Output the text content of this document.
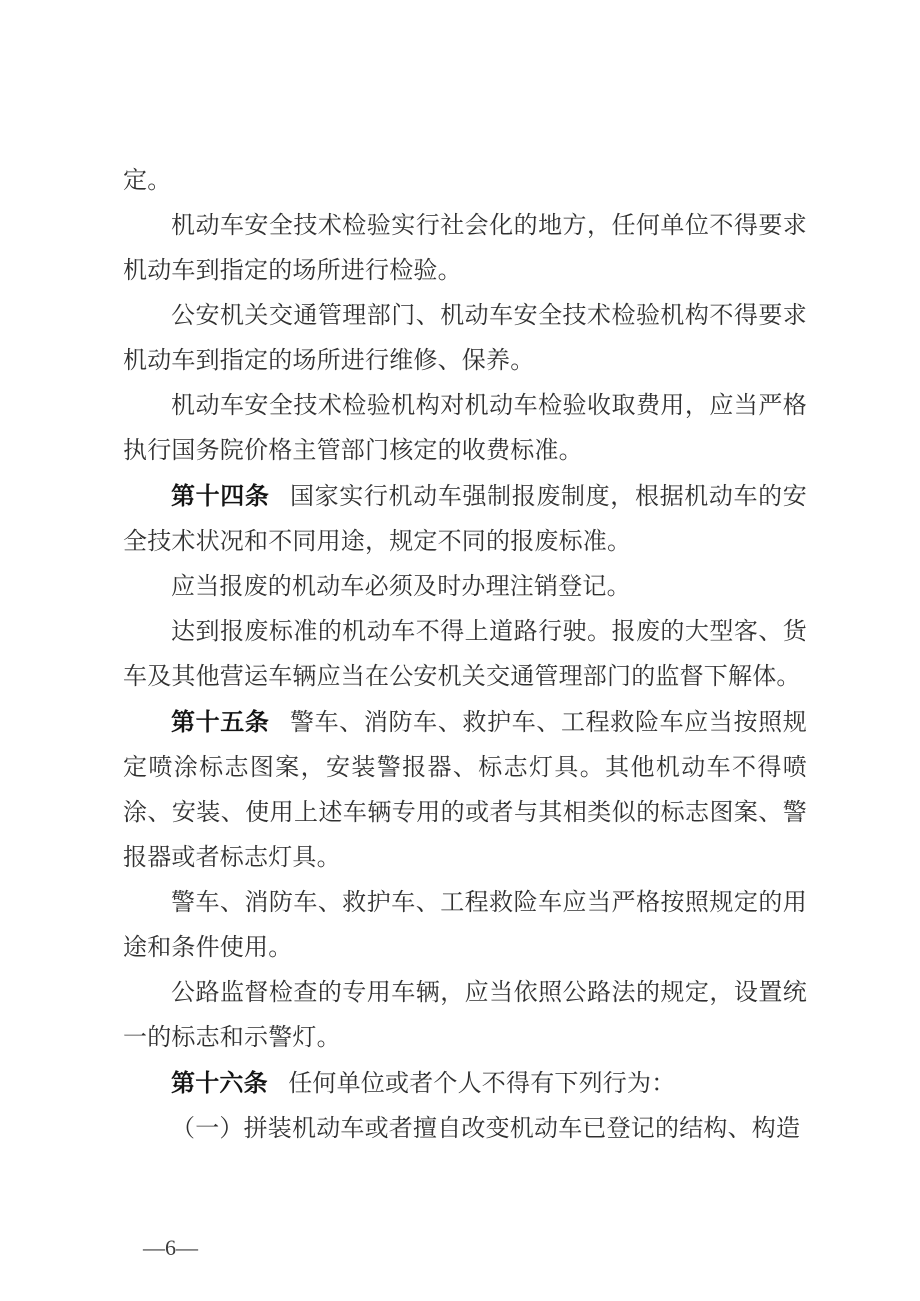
定。

机动车安全技术检验实行社会化的地方，任何单位不得要求机动车到指定的场所进行检验。

公安机关交通管理部门、机动车安全技术检验机构不得要求机动车到指定的场所进行维修、保养。

机动车安全技术检验机构对机动车检验收取费用，应当严格执行国务院价格主管部门核定的收费标准。

第十四条 国家实行机动车强制报废制度，根据机动车的安全技术状况和不同用途，规定不同的报废标准。

应当报废的机动车必须及时办理注销登记。

达到报废标准的机动车不得上道路行驶。报废的大型客、货车及其他营运车辆应当在公安机关交通管理部门的监督下解体。

第十五条 警车、消防车、救护车、工程救险车应当按照规定喷涂标志图案，安装警报器、标志灯具。其他机动车不得喷涂、安装、使用上述车辆专用的或者与其相类似的标志图案、警报器或者标志灯具。

警车、消防车、救护车、工程救险车应当严格按照规定的用途和条件使用。

公路监督检查的专用车辆，应当依照公路法的规定，设置统一的标志和示警灯。

第十六条 任何单位或者个人不得有下列行为：

（一）拼装机动车或者擅自改变机动车已登记的结构、构造

—6—
